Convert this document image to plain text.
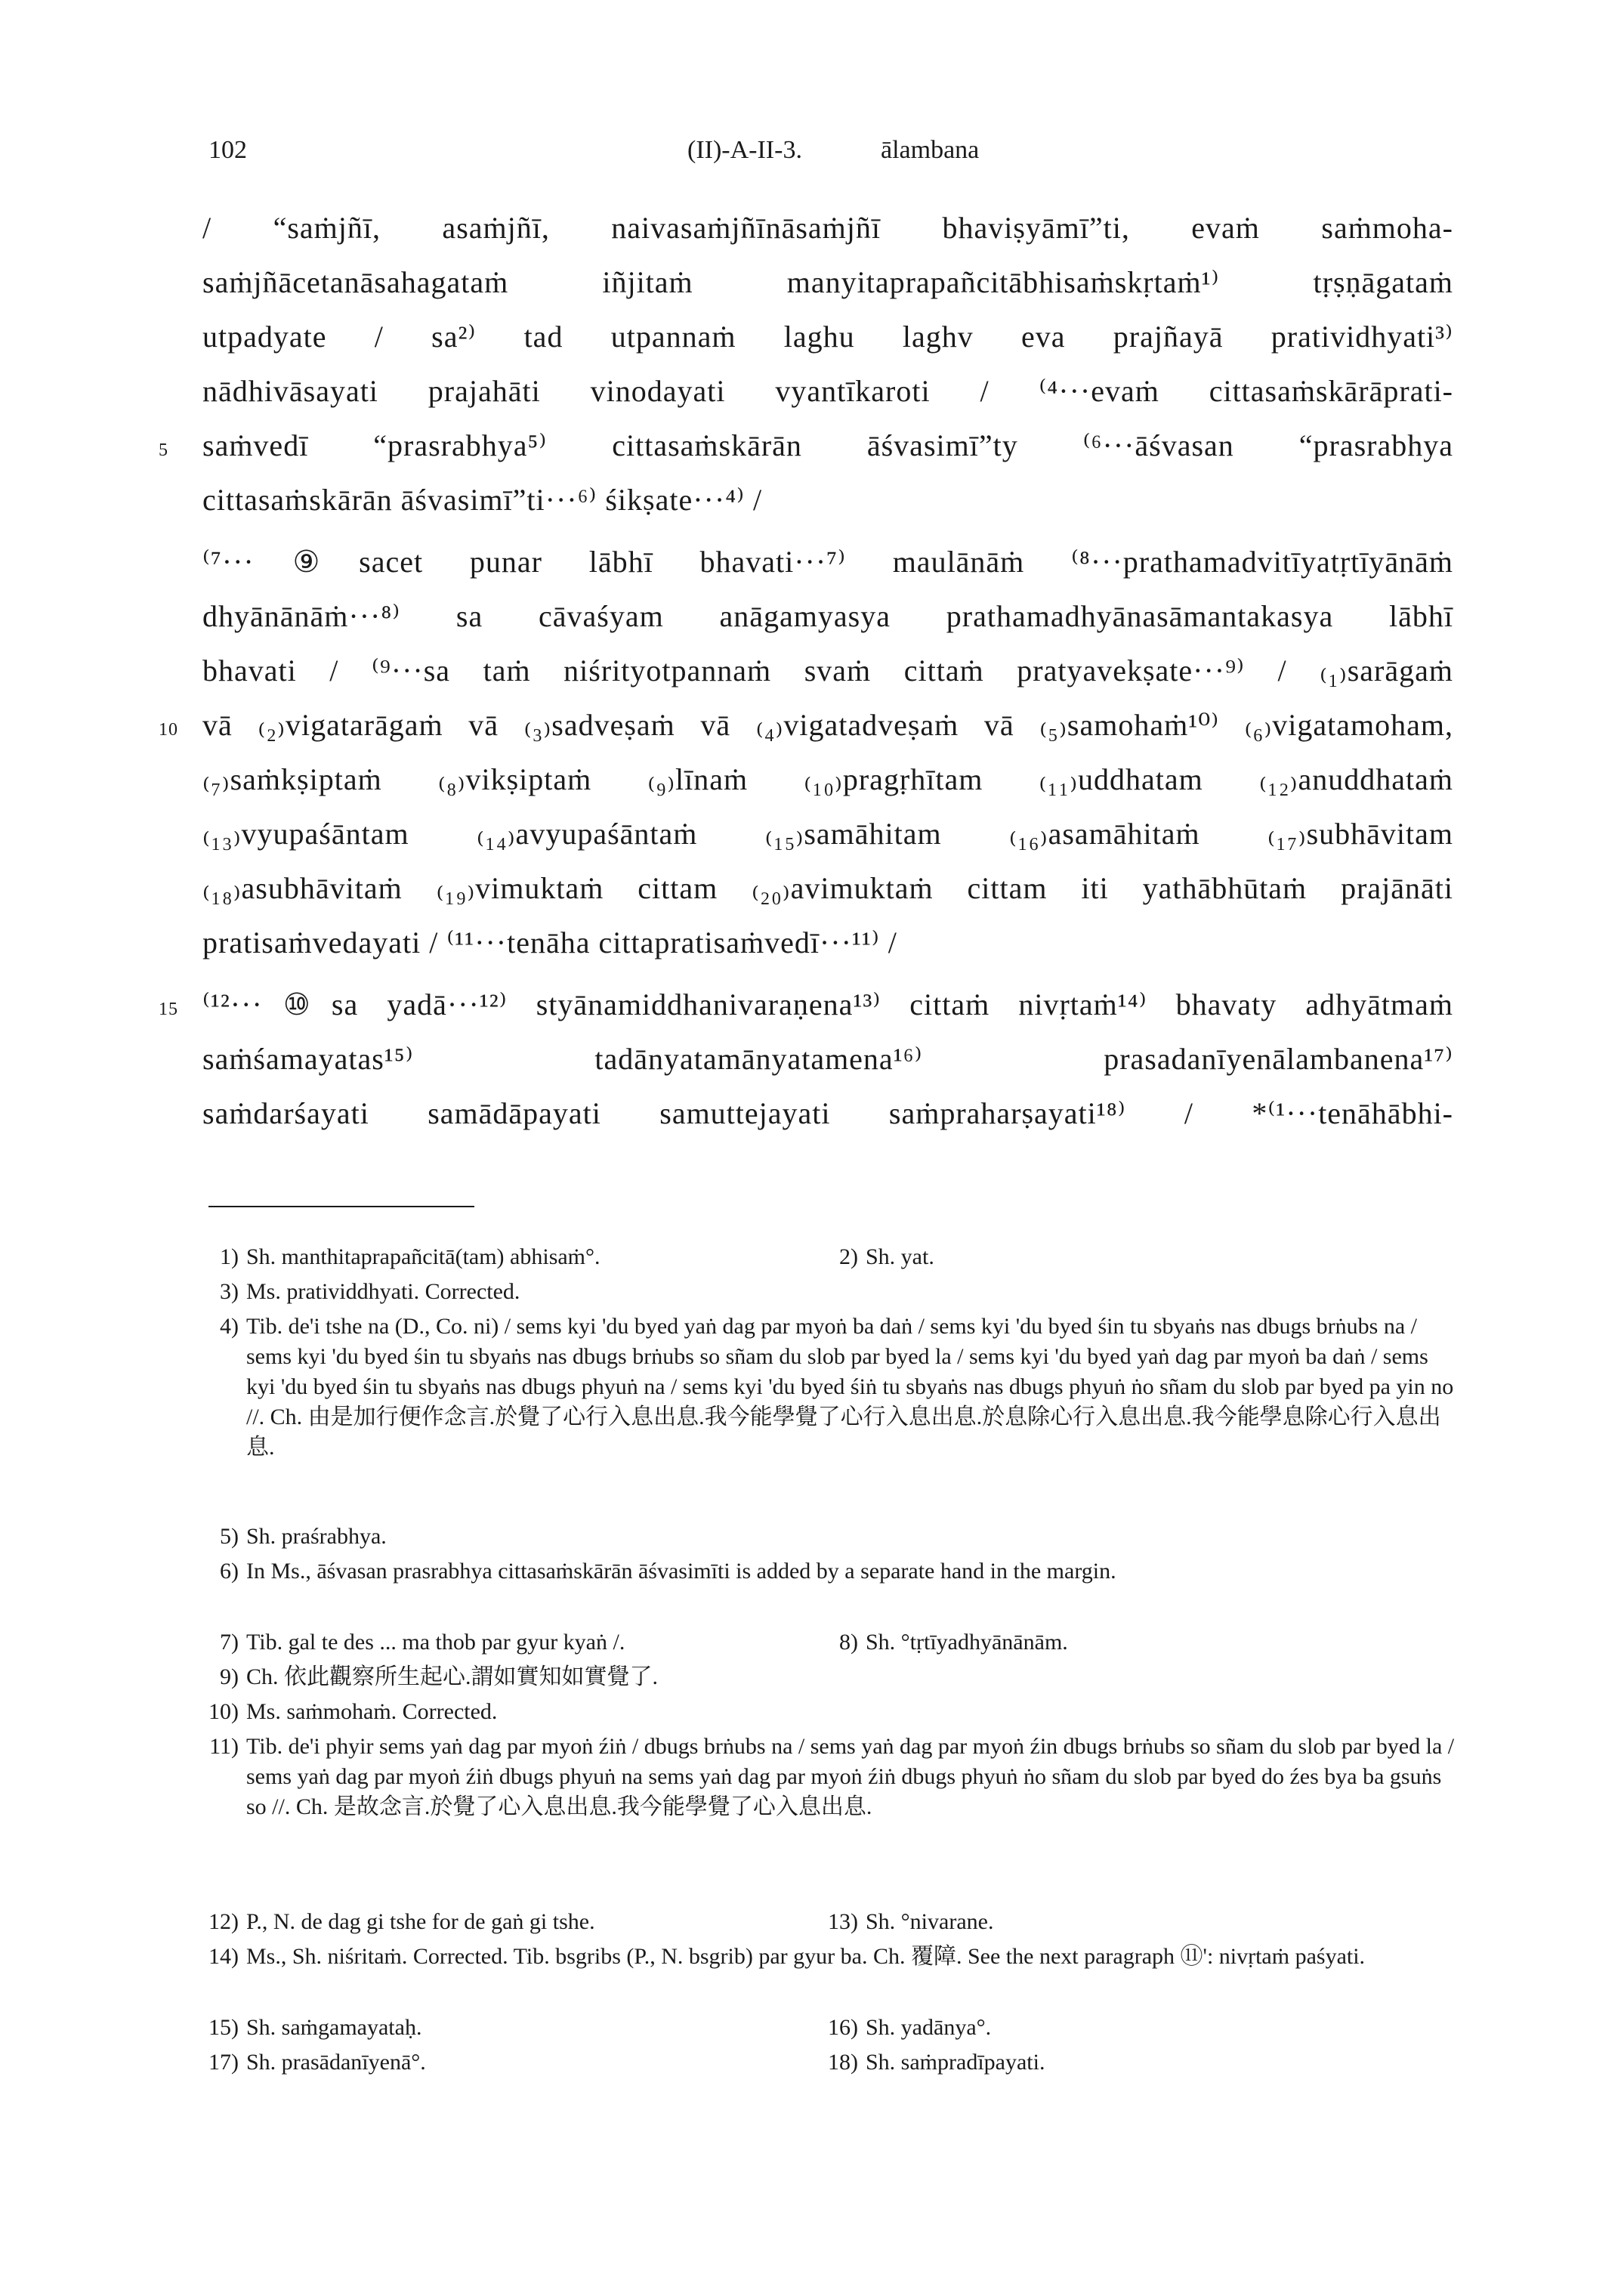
102	(II)-A-II-3.	ālambana
/ “saṁjñī, asaṁjñī, naivasaṁjñīnāsaṁjñī bhaviṣyāmī”ti, evaṁ saṁmoha-
saṁjñācetanāsahagataṁ iñjitaṁ manyitaprapañcitābhisaṁskṛtaṁ¹⁾ tṛṣṇāgataṁ
utpadyate / sa²⁾ tad utpannaṁ laghu laghv eva prajñayā pratividhyati³⁾
nādhivāsayati prajahāti vinodayati vyantīkaroti / ⁽⁴···evaṁ cittasaṁskārāprati-
5 saṁvedī “prasrabhya⁵⁾ cittasaṁskārān āśvasimī”ty ⁽⁶···āśvasan “prasrabhya
cittasaṁskārān āśvasimī”ti···⁶⁾ śikṣate···⁴⁾ /
⁽⁷···⑨sacet punar lābhī bhavati···⁷⁾ maulānāṁ ⁽⁸···prathamadvitīyatṛtīyānāṁ
dhyānānāṁ···⁸⁾ sa cāvaśyam anāgamyasya prathamadhyānasāmantakasya lābhī
bhavati / ⁽⁹···sa taṁ niśrityotpannaṁ svaṁ cittaṁ pratyavekṣate···⁹⁾ / ₍₁₎sarāgaṁ
10 vā ₍₂₎vigatarāgaṁ vā ₍₃₎sadveṣaṁ vā ₍₄₎vigatadveṣaṁ vā ₍₅₎samohaṁ¹⁰⁾ ₍₆₎vigatamoham,
₍₇₎saṁkṣiptaṁ ₍₈₎vikṣiptaṁ ₍₉₎līnaṁ ₍₁₀₎pragṛhītam ₍₁₁₎uddhatam ₍₁₂₎anuddhataṁ
₍₁₃₎vyupaśāntam ₍₁₄₎avyupaśāntaṁ ₍₁₅₎samāhitam ₍₁₆₎asamāhitaṁ ₍₁₇₎subhāvitam
₍₁₈₎asubhāvitaṁ ₍₁₉₎vimuktaṁ cittam ₍₂₀₎avimuktaṁ cittam iti yathābhūtaṁ prajānāti
pratisaṁvedayati / ⁽¹¹···tenāha cittapratisaṁvedī···¹¹⁾ /
15 ⁽¹²···⑩sa yadā···¹²⁾ styānamiddhanivaraṇena¹³⁾ cittaṁ nivṛtaṁ¹⁴⁾ bhavaty adhyātmaṁ
saṁśamayatas¹⁵⁾ tadānyatamānyatamena¹⁶⁾ prasadanīyenālambanena¹⁷⁾
saṁdarśayati samādāpayati samuttejayati saṁpraharṣayati¹⁸⁾ / *⁽¹···tenāhābhi-
1) Sh. manthitaprapañcitā(tam) abhisaṁ°.	2) Sh. yat.
3) Ms. pratividdhyati. Corrected.
4) Tib. de'i tshe na (D., Co. ni) / sems kyi 'du byed yaṅ dag par myoṅ ba daṅ / sems kyi 'du byed śin tu sbyaṅs nas dbugs brṅubs na / sems kyi 'du byed śin tu sbyaṅs nas dbugs brṅubs so sñam du slob par byed la / sems kyi 'du byed yaṅ dag par myoṅ ba daṅ / sems kyi 'du byed śin tu sbyaṅs nas dbugs phyuṅ na / sems kyi 'du byed śiṅ tu sbyaṅs nas dbugs phyuṅ ṅo sñam du slob par byed pa yin no //. Ch. 由是加行便作念言.於覺了心行入息出息.我今能學覺了心行入息出息.於息除心行入息出息.我今能學息除心行入息出息.
5) Sh. praśrabhya.
6) In Ms., āśvasan prasrabhya cittasaṁskārān āśvasimīti is added by a separate hand in the margin.
7) Tib. gal te des ... ma thob par gyur kyaṅ /.	8) Sh. °tṛtīyadhyānānām.
9) Ch. 依此觀察所生起心.謂如實知如實覺了.
10) Ms. saṁmohaṁ. Corrected.
11) Tib. de'i phyir sems yaṅ dag par myoṅ źiṅ / dbugs brṅubs na / sems yaṅ dag par myoṅ źin dbugs brṅubs so sñam du slob par byed la / sems yaṅ dag par myoṅ źiṅ dbugs phyuṅ na sems yaṅ dag par myoṅ źiṅ dbugs phyuṅ ṅo sñam du slob par byed do źes bya ba gsuṅs so //. Ch. 是故念言.於覺了心入息出息.我今能學覺了心入息出息.
12) P., N. de dag gi tshe for de gaṅ gi tshe.	13) Sh. °nivarane.
14) Ms., Sh. niśritaṁ. Corrected. Tib. bsgribs (P., N. bsgrib) par gyur ba. Ch. 覆障. See the next paragraph ⑪': nivṛtaṁ paśyati.
15) Sh. saṁgamayataḥ.	16) Sh. yadānya°.
17) Sh. prasādanīyenā°.	18) Sh. saṁpradīpayati.
